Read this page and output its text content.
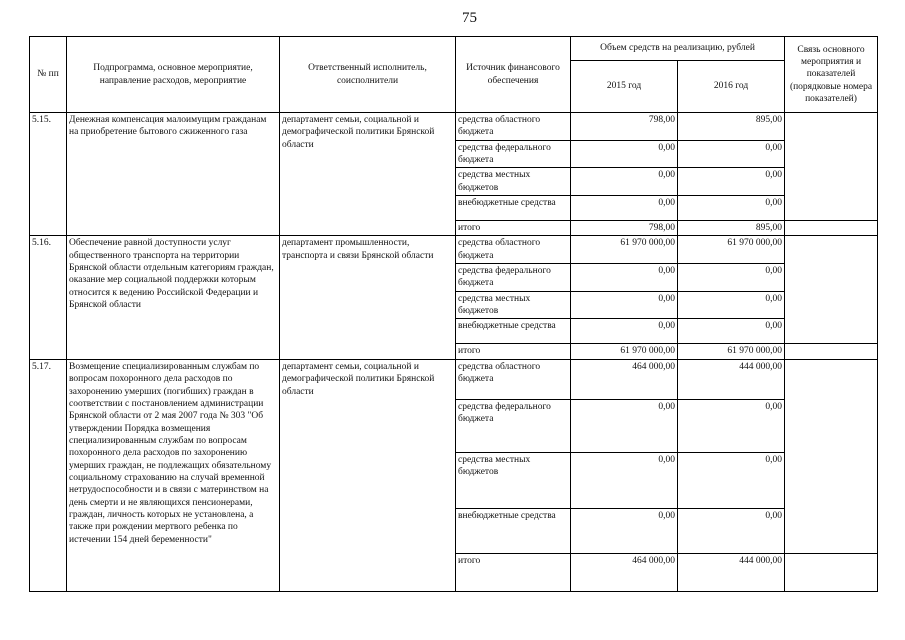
75
№ пп	Подпрограмма, основное мероприятие, направление расходов, мероприятие	Ответственный исполнитель, соисполнители	Источник финансового обеспечения	Объем средств на реализацию, рублей		Связь основного мероприятия и показателей (порядковые номера показателей)
				2015 год	2016 год	
5.15.	Денежная компенсация малоимущим гражданам на приобретение бытового сжиженного газа	департамент семьи, социальной и демографической политики Брянской области	средства областного бюджета	798,00	895,00	
			средства федерального бюджета	0,00	0,00	
			средства местных бюджетов	0,00	0,00	
			внебюджетные средства	0,00	0,00	
			итого	798,00	895,00	
5.16.	Обеспечение равной доступности услуг общественного транспорта на территории Брянской области отдельным категориям граждан, оказание мер социальной поддержки которым относится к ведению Российской Федерации и Брянской области	департамент промышленности, транспорта и связи Брянской области	средства областного бюджета	61 970 000,00	61 970 000,00	
			средства федерального бюджета	0,00	0,00	
			средства местных бюджетов	0,00	0,00	
			внебюджетные средства	0,00	0,00	
			итого	61 970 000,00	61 970 000,00	
5.17.	Возмещение специализированным службам по вопросам похоронного дела расходов по захоронению умерших (погибших) граждан в соответствии с постановлением администрации Брянской области от 2 мая 2007 года № 303 "Об утверждении Порядка возмещения специализированным службам по вопросам похоронного дела расходов по захоронению умерших граждан, не подлежащих обязательному социальному страхованию на случай временной нетрудоспособности и в связи с материнством на день смерти и не являющихся пенсионерами, граждан, личность которых не установлена, а также при рождении мертвого ребенка по истечении 154 дней беременности"	департамент семьи, социальной и демографической политики Брянской области	средства областного бюджета	464 000,00	444 000,00	
			средства федерального бюджета	0,00	0,00	
			средства местных бюджетов	0,00	0,00	
			внебюджетные средства	0,00	0,00	
			итого	464 000,00	444 000,00	
